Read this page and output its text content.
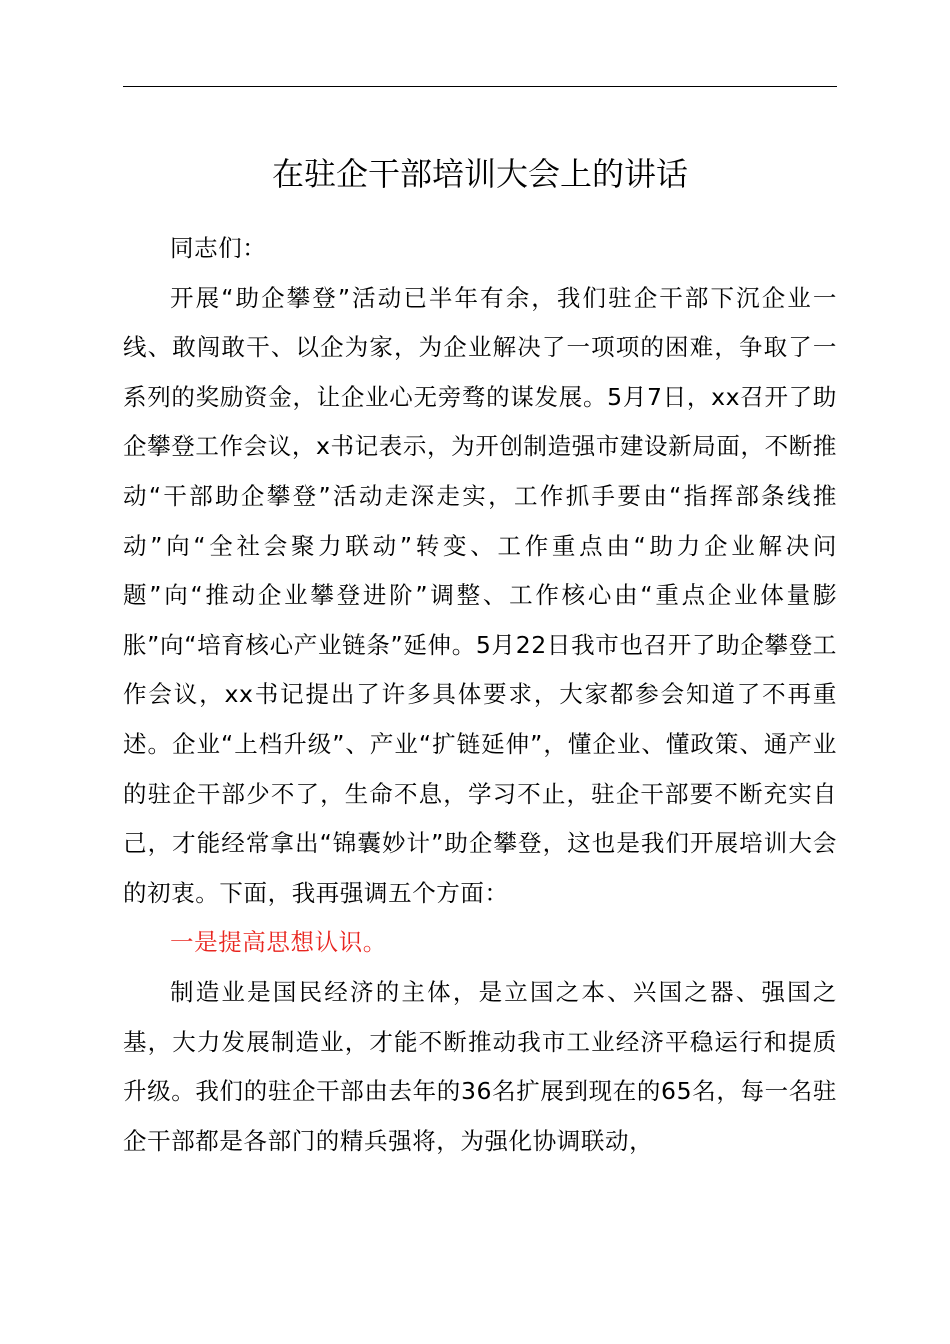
在驻企干部培训大会上的讲话

同志们：

开展“助企攀登”活动已半年有余，我们驻企干部下沉企业一线、敢闯敢干、以企为家，为企业解决了一项项的困难，争取了一系列的奖励资金，让企业心无旁骛的谋发展。5月7日，xx召开了助企攀登工作会议，x书记表示，为开创制造强市建设新局面，不断推动“干部助企攀登”活动走深走实，工作抓手要由“指挥部条线推动”向“全社会聚力联动”转变、工作重点由“助力企业解决问题”向“推动企业攀登进阶”调整、工作核心由“重点企业体量膨胀”向“培育核心产业链条”延伸。5月22日我市也召开了助企攀登工作会议，xx书记提出了许多具体要求，大家都参会知道了不再重述。企业“上档升级”、产业“扩链延伸”，懂企业、懂政策、通产业的驻企干部少不了，生命不息，学习不止，驻企干部要不断充实自己，才能经常拿出“锦囊妙计”助企攀登，这也是我们开展培训大会的初衷。下面，我再强调五个方面：

一是提高思想认识。

制造业是国民经济的主体，是立国之本、兴国之器、强国之基，大力发展制造业，才能不断推动我市工业经济平稳运行和提质升级。我们的驻企干部由去年的36名扩展到现在的65名，每一名驻企干部都是各部门的精兵强将，为强化协调联动，
